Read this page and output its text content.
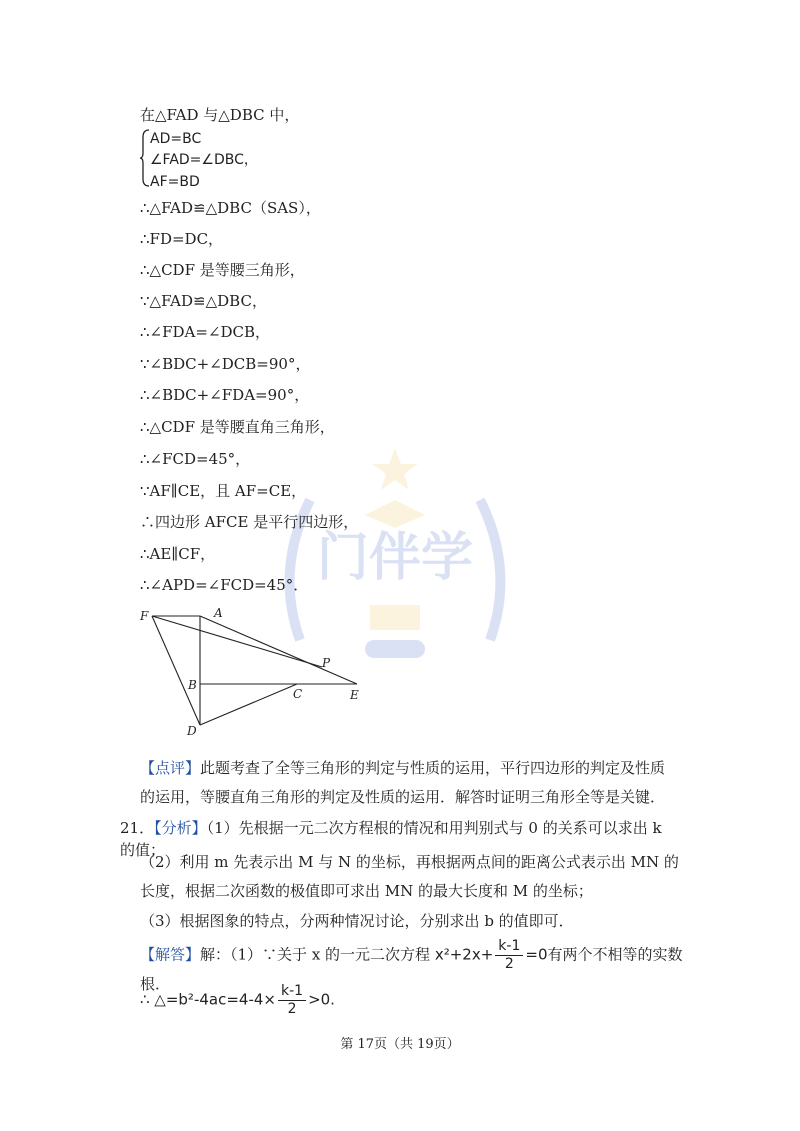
门伴学
在△FAD 与△DBC 中，
AD=BC
∠FAD=∠DBC，
AF=BD
∴△FAD≌△DBC（SAS），
∴FD=DC，
∴△CDF 是等腰三角形，
∵△FAD≌△DBC，
∴∠FDA=∠DCB，
∵∠BDC+∠DCB=90°，
∴∠BDC+∠FDA=90°，
∴△CDF 是等腰直角三角形，
∴∠FCD=45°，
∵AF∥CE，且 AF=CE，
∴四边形 AFCE 是平行四边形，
∴AE∥CF，
∴∠APD=∠FCD=45°．
F	A
B
C
P
E
D
【点评】此题考查了全等三角形的判定与性质的运用，平行四边形的判定及性质的运用，等腰直角三角形的判定及性质的运用．解答时证明三角形全等是关键．
21．【分析】（1）先根据一元二次方程根的情况和用判别式与 0 的关系可以求出 k 的值；
（2）利用 m 先表示出 M 与 N 的坐标，再根据两点间的距离公式表示出 MN 的长度，根据二次函数的极值即可求出 MN 的最大长度和 M 的坐标；
（3）根据图象的特点，分两种情况讨论，分别求出 b 的值即可．
【解答】解：（1）∵关于 x 的一元二次方程 $x^2+2x+ \frac{k-1}{2} =0$有两个不相等的实数根．
∴ △=b²-4ac=4-4× $\frac{k-1}{2} >0$.
第 17页（共 19页）
